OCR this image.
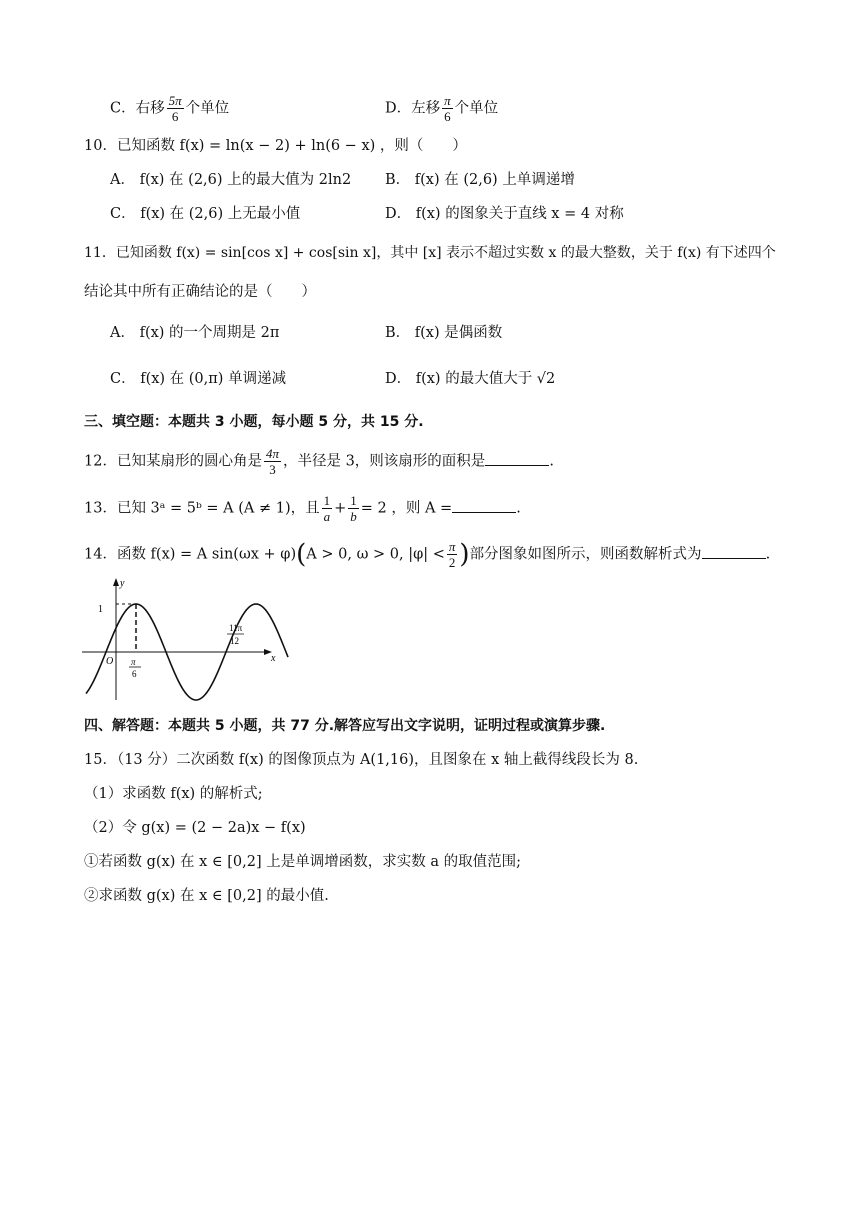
C．右移 $\frac{5\pi}{6}$ 个单位	D．左移 $\frac{\pi}{6}$ 个单位
10．已知函数 f(x) = ln(x − 2) + ln(6 − x) ，则（　　）
A． f(x) 在 (2,6) 上的最大值为 2ln2 B． f(x) 在 (2,6) 上单调递增
C． f(x) 在 (2,6) 上无最小值	D． f(x) 的图象关于直线 x = 4 对称
11．已知函数 f(x) = sin[cos x] + cos[sin x]，其中 [x] 表示不超过实数 x 的最大整数，关于 f(x) 有下述四个
结论其中所有正确结论的是（　　）
A． f(x) 的一个周期是 2π	B． f(x) 是偶函数
C． f(x) 在 (0,π) 单调递减	D． f(x) 的最大值大于 √2
三、填空题：本题共 3 小题，每小题 5 分，共 15 分.
12．已知某扇形的圆心角是 $\frac{4\pi}{3}$ ，半径是 3，则该扇形的面积是	.
13．已知 3ᵃ = 5ᵇ = A (A ≠ 1)，且 $\frac{1}{a} + \frac{1}{b} = 2$ ，则 A =	.
14．函数 f(x) = A sin(ωx + φ)(A > 0, ω > 0, $|\varphi| < \frac{\pi}{2}$ )部分图象如图所示，则函数解析式为	.
y
x
O
1
π
6
11π
12
四、解答题：本题共 5 小题，共 77 分.解答应写出文字说明，证明过程或演算步骤.
15．（13 分）二次函数 f(x) 的图像顶点为 A(1,16)，且图象在 x 轴上截得线段长为 8.
（1）求函数 f(x) 的解析式;
（2）令 g(x) = (2 − 2a)x − f(x)
①若函数 g(x) 在 x ∈ [0,2] 上是单调增函数，求实数 a 的取值范围;
②求函数 g(x) 在 x ∈ [0,2] 的最小值.
